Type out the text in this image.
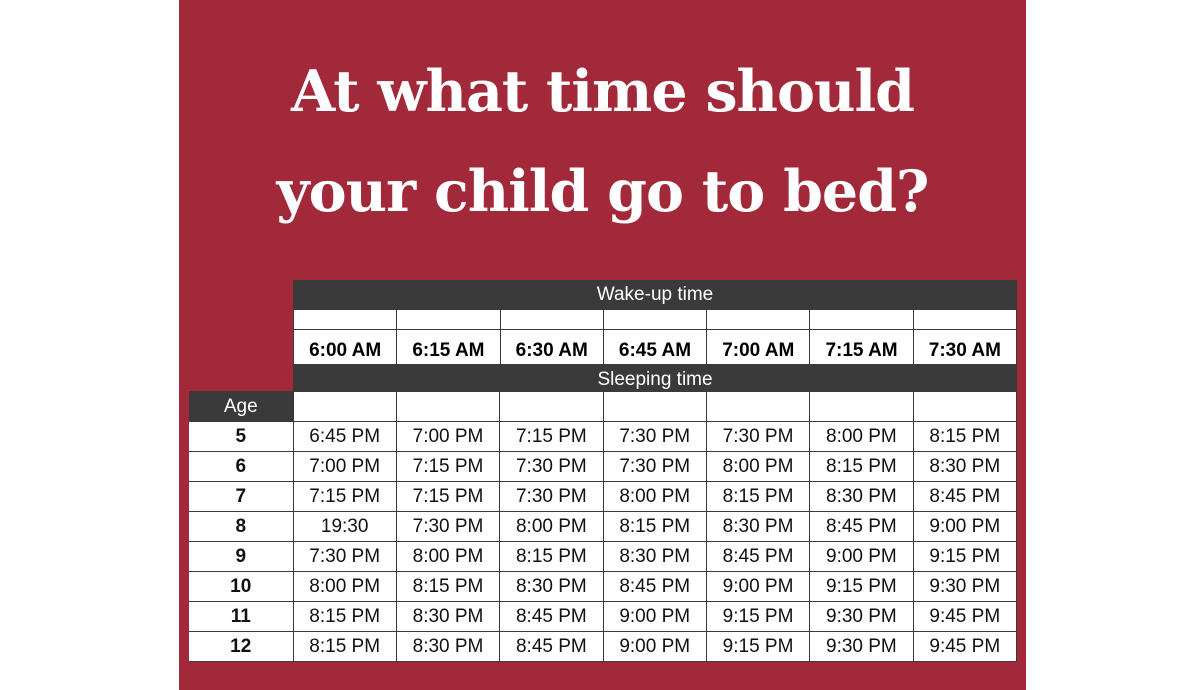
At what time should
your child go to bed?
Wake-up time

6:00 AM	6:15 AM	6:30 AM	6:45 AM	7:00 AM	7:15 AM	7:30 AM
Sleeping time
Age							
5	6:45 PM	7:00 PM	7:15 PM	7:30 PM	7:30 PM	8:00 PM	8:15 PM
6	7:00 PM	7:15 PM	7:30 PM	7:30 PM	8:00 PM	8:15 PM	8:30 PM
7	7:15 PM	7:15 PM	7:30 PM	8:00 PM	8:15 PM	8:30 PM	8:45 PM
8	19:30	7:30 PM	8:00 PM	8:15 PM	8:30 PM	8:45 PM	9:00 PM
9	7:30 PM	8:00 PM	8:15 PM	8:30 PM	8:45 PM	9:00 PM	9:15 PM
10	8:00 PM	8:15 PM	8:30 PM	8:45 PM	9:00 PM	9:15 PM	9:30 PM
11	8:15 PM	8:30 PM	8:45 PM	9:00 PM	9:15 PM	9:30 PM	9:45 PM
12	8:15 PM	8:30 PM	8:45 PM	9:00 PM	9:15 PM	9:30 PM	9:45 PM
